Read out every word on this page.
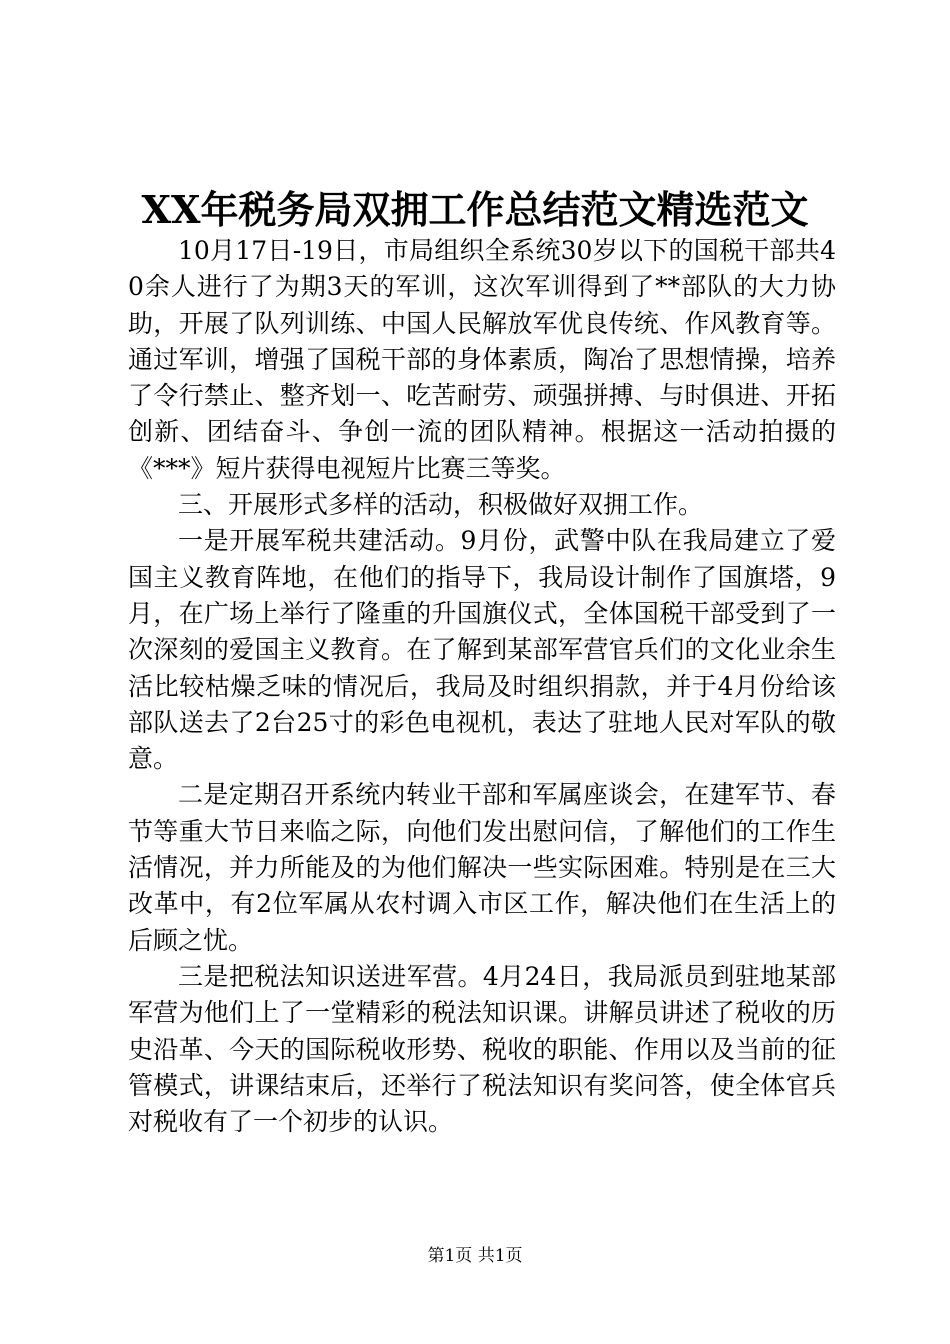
XX年税务局双拥工作总结范文精选范文

10月17日-19日，市局组织全系统30岁以下的国税干部共40余人进行了为期3天的军训，这次军训得到了**部队的大力协助，开展了队列训练、中国人民解放军优良传统、作风教育等。通过军训，增强了国税干部的身体素质，陶冶了思想情操，培养了令行禁止、整齐划一、吃苦耐劳、顽强拼搏、与时俱进、开拓创新、团结奋斗、争创一流的团队精神。根据这一活动拍摄的《***》短片获得电视短片比赛三等奖。

三、开展形式多样的活动，积极做好双拥工作。

一是开展军税共建活动。9月份，武警中队在我局建立了爱国主义教育阵地，在他们的指导下，我局设计制作了国旗塔，9月，在广场上举行了隆重的升国旗仪式，全体国税干部受到了一次深刻的爱国主义教育。在了解到某部军营官兵们的文化业余生活比较枯燥乏味的情况后，我局及时组织捐款，并于4月份给该部队送去了2台25寸的彩色电视机，表达了驻地人民对军队的敬意。

二是定期召开系统内转业干部和军属座谈会，在建军节、春节等重大节日来临之际，向他们发出慰问信，了解他们的工作生活情况，并力所能及的为他们解决一些实际困难。特别是在三大改革中，有2位军属从农村调入市区工作，解决他们在生活上的后顾之忧。

三是把税法知识送进军营。4月24日，我局派员到驻地某部军营为他们上了一堂精彩的税法知识课。讲解员讲述了税收的历史沿革、今天的国际税收形势、税收的职能、作用以及当前的征管模式，讲课结束后，还举行了税法知识有奖问答，使全体官兵对税收有了一个初步的认识。

第1页 共1页
